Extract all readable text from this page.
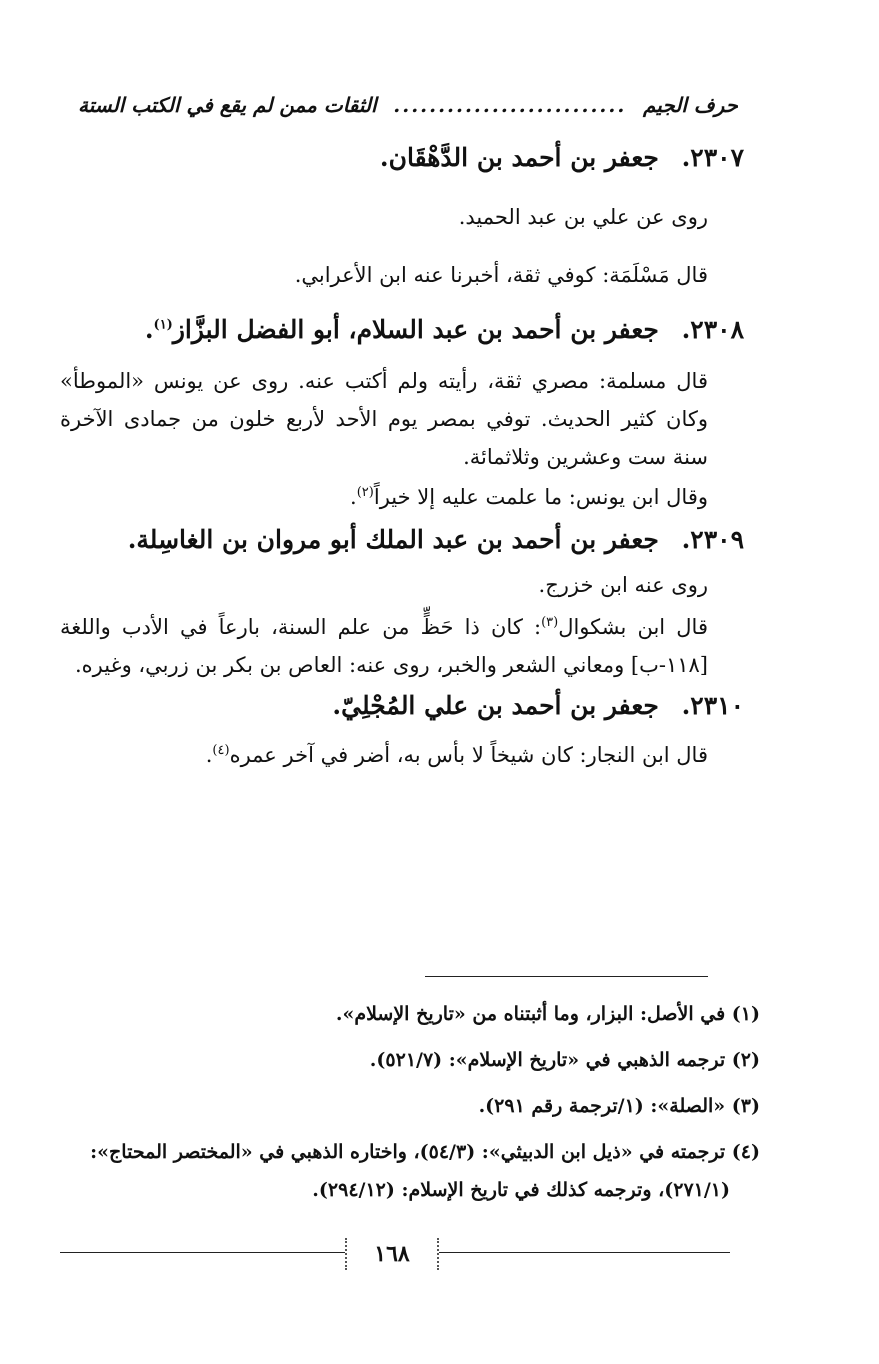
حرف الجيم
..........................
الثقات ممن لم يقع في الكتب الستة

٢٣٠٧. جعفر بن أحمد بن الدَّهْقَان.

روى عن علي بن عبد الحميد.

قال مَسْلَمَة: كوفي ثقة، أخبرنا عنه ابن الأعرابي.

٢٣٠٨. جعفر بن أحمد بن عبد السلام، أبو الفضل البزَّاز$^{(١)}$.

قال مسلمة: مصري ثقة، رأيته ولم أكتب عنه. روى عن يونس «الموطأ» وكان كثير الحديث. توفي بمصر يوم الأحد لأربع خلون من جمادى الآخرة سنة ست وعشرين وثلاثمائة.

وقال ابن يونس: ما علمت عليه إلا خيراً$^{(٢)}$.

٢٣٠٩. جعفر بن أحمد بن عبد الملك أبو مروان بن الغاسِلة.

روى عنه ابن خزرج.

قال ابن بشكوال$^{(٣)}$: كان ذا حَظٍّ من علم السنة، بارعاً في الأدب واللغة [١١٨-ب] ومعاني الشعر والخبر، روى عنه: العاص بن بكر بن زربي، وغيره.

٢٣١٠. جعفر بن أحمد بن علي المُجْلِيّ.

قال ابن النجار: كان شيخاً لا بأس به، أضر في آخر عمره$^{(٤)}$.

(١) في الأصل: البزار، وما أثبتناه من «تاريخ الإسلام».

(٢) ترجمه الذهبي في «تاريخ الإسلام»: (٥٢١/٧).

(٣) «الصلة»: (١/ترجمة رقم ٢٩١).

(٤) ترجمته في «ذيل ابن الدبيثي»: (٥٤/٣)، واختاره الذهبي في «المختصر المحتاج»:

(٢٧١/١)، وترجمه كذلك في تاريخ الإسلام: (٢٩٤/١٢).

١٦٨
